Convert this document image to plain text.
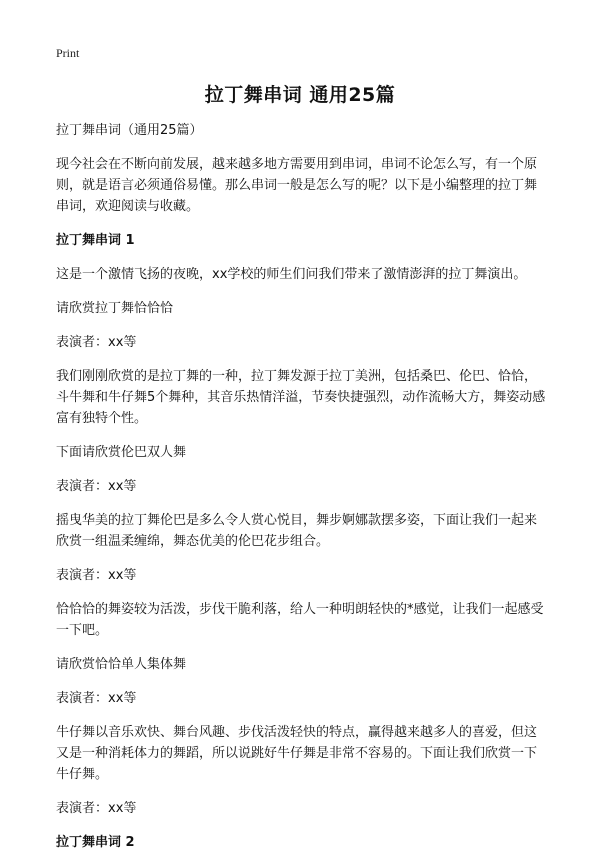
Print
拉丁舞串词 通用25篇

拉丁舞串词（通用25篇）

现今社会在不断向前发展，越来越多地方需要用到串词，串词不论怎么写，有一个原则，就是语言必须通俗易懂。那么串词一般是怎么写的呢？以下是小编整理的拉丁舞串词，欢迎阅读与收藏。

拉丁舞串词 1

这是一个激情飞扬的夜晚，xx学校的师生们问我们带来了激情澎湃的拉丁舞演出。

请欣赏拉丁舞恰恰恰

表演者：xx等

我们刚刚欣赏的是拉丁舞的一种，拉丁舞发源于拉丁美洲，包括桑巴、伦巴、恰恰，斗牛舞和牛仔舞5个舞种，其音乐热情洋溢，节奏快捷强烈，动作流畅大方，舞姿动感富有独特个性。

下面请欣赏伦巴双人舞

表演者：xx等

摇曳华美的拉丁舞伦巴是多么令人赏心悦目，舞步婀娜款摆多姿，下面让我们一起来欣赏一组温柔缠绵，舞态优美的伦巴花步组合。

表演者：xx等

恰恰恰的舞姿较为活泼，步伐干脆利落，给人一种明朗轻快的*感觉，让我们一起感受一下吧。

请欣赏恰恰单人集体舞

表演者：xx等

牛仔舞以音乐欢快、舞台风趣、步伐活泼轻快的特点，赢得越来越多人的喜爱，但这又是一种消耗体力的舞蹈，所以说跳好牛仔舞是非常不容易的。下面让我们欣赏一下牛仔舞。

表演者：xx等

拉丁舞串词 2
